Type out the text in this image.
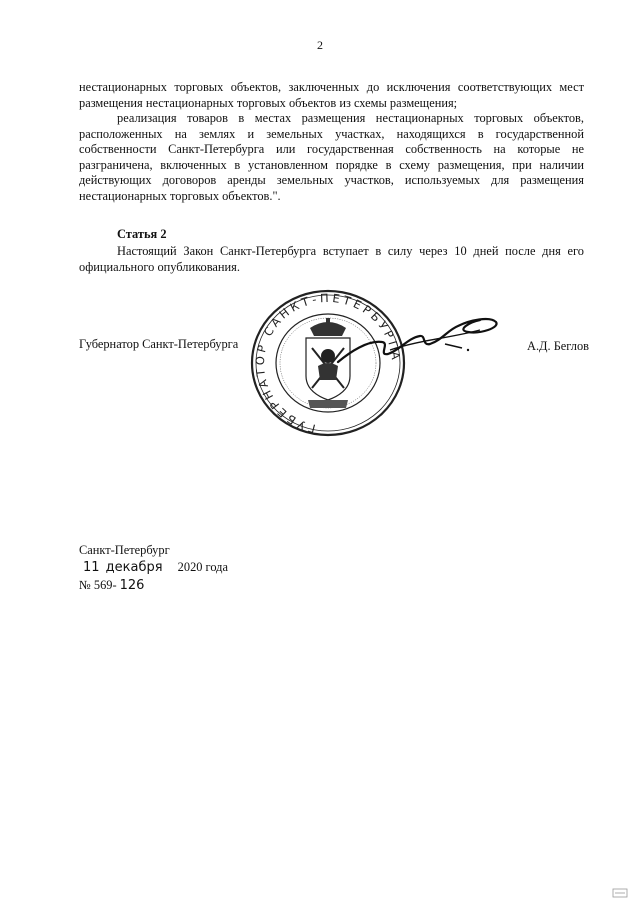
2

нестационарных торговых объектов, заключенных до исключения соответствующих мест размещения нестационарных торговых объектов из схемы размещения;

реализация товаров в местах размещения нестационарных торговых объектов, расположенных на землях и земельных участках, находящихся в государственной собственности Санкт-Петербурга или государственная собственность на которые не разграничена, включенных в установленном порядке в схему размещения, при наличии действующих договоров аренды земельных участков, используемых для размещения нестационарных торговых объектов.".

Статья 2

Настоящий Закон Санкт-Петербурга вступает в силу через 10 дней после дня его официального опубликования.

Губернатор Санкт-Петербурга
ГУБЕРНАТОР САНКТ-ПЕТЕРБУРГА
А.Д. Беглов
Санкт-Петербург
11 декабря 2020 года
№ 569- 126
